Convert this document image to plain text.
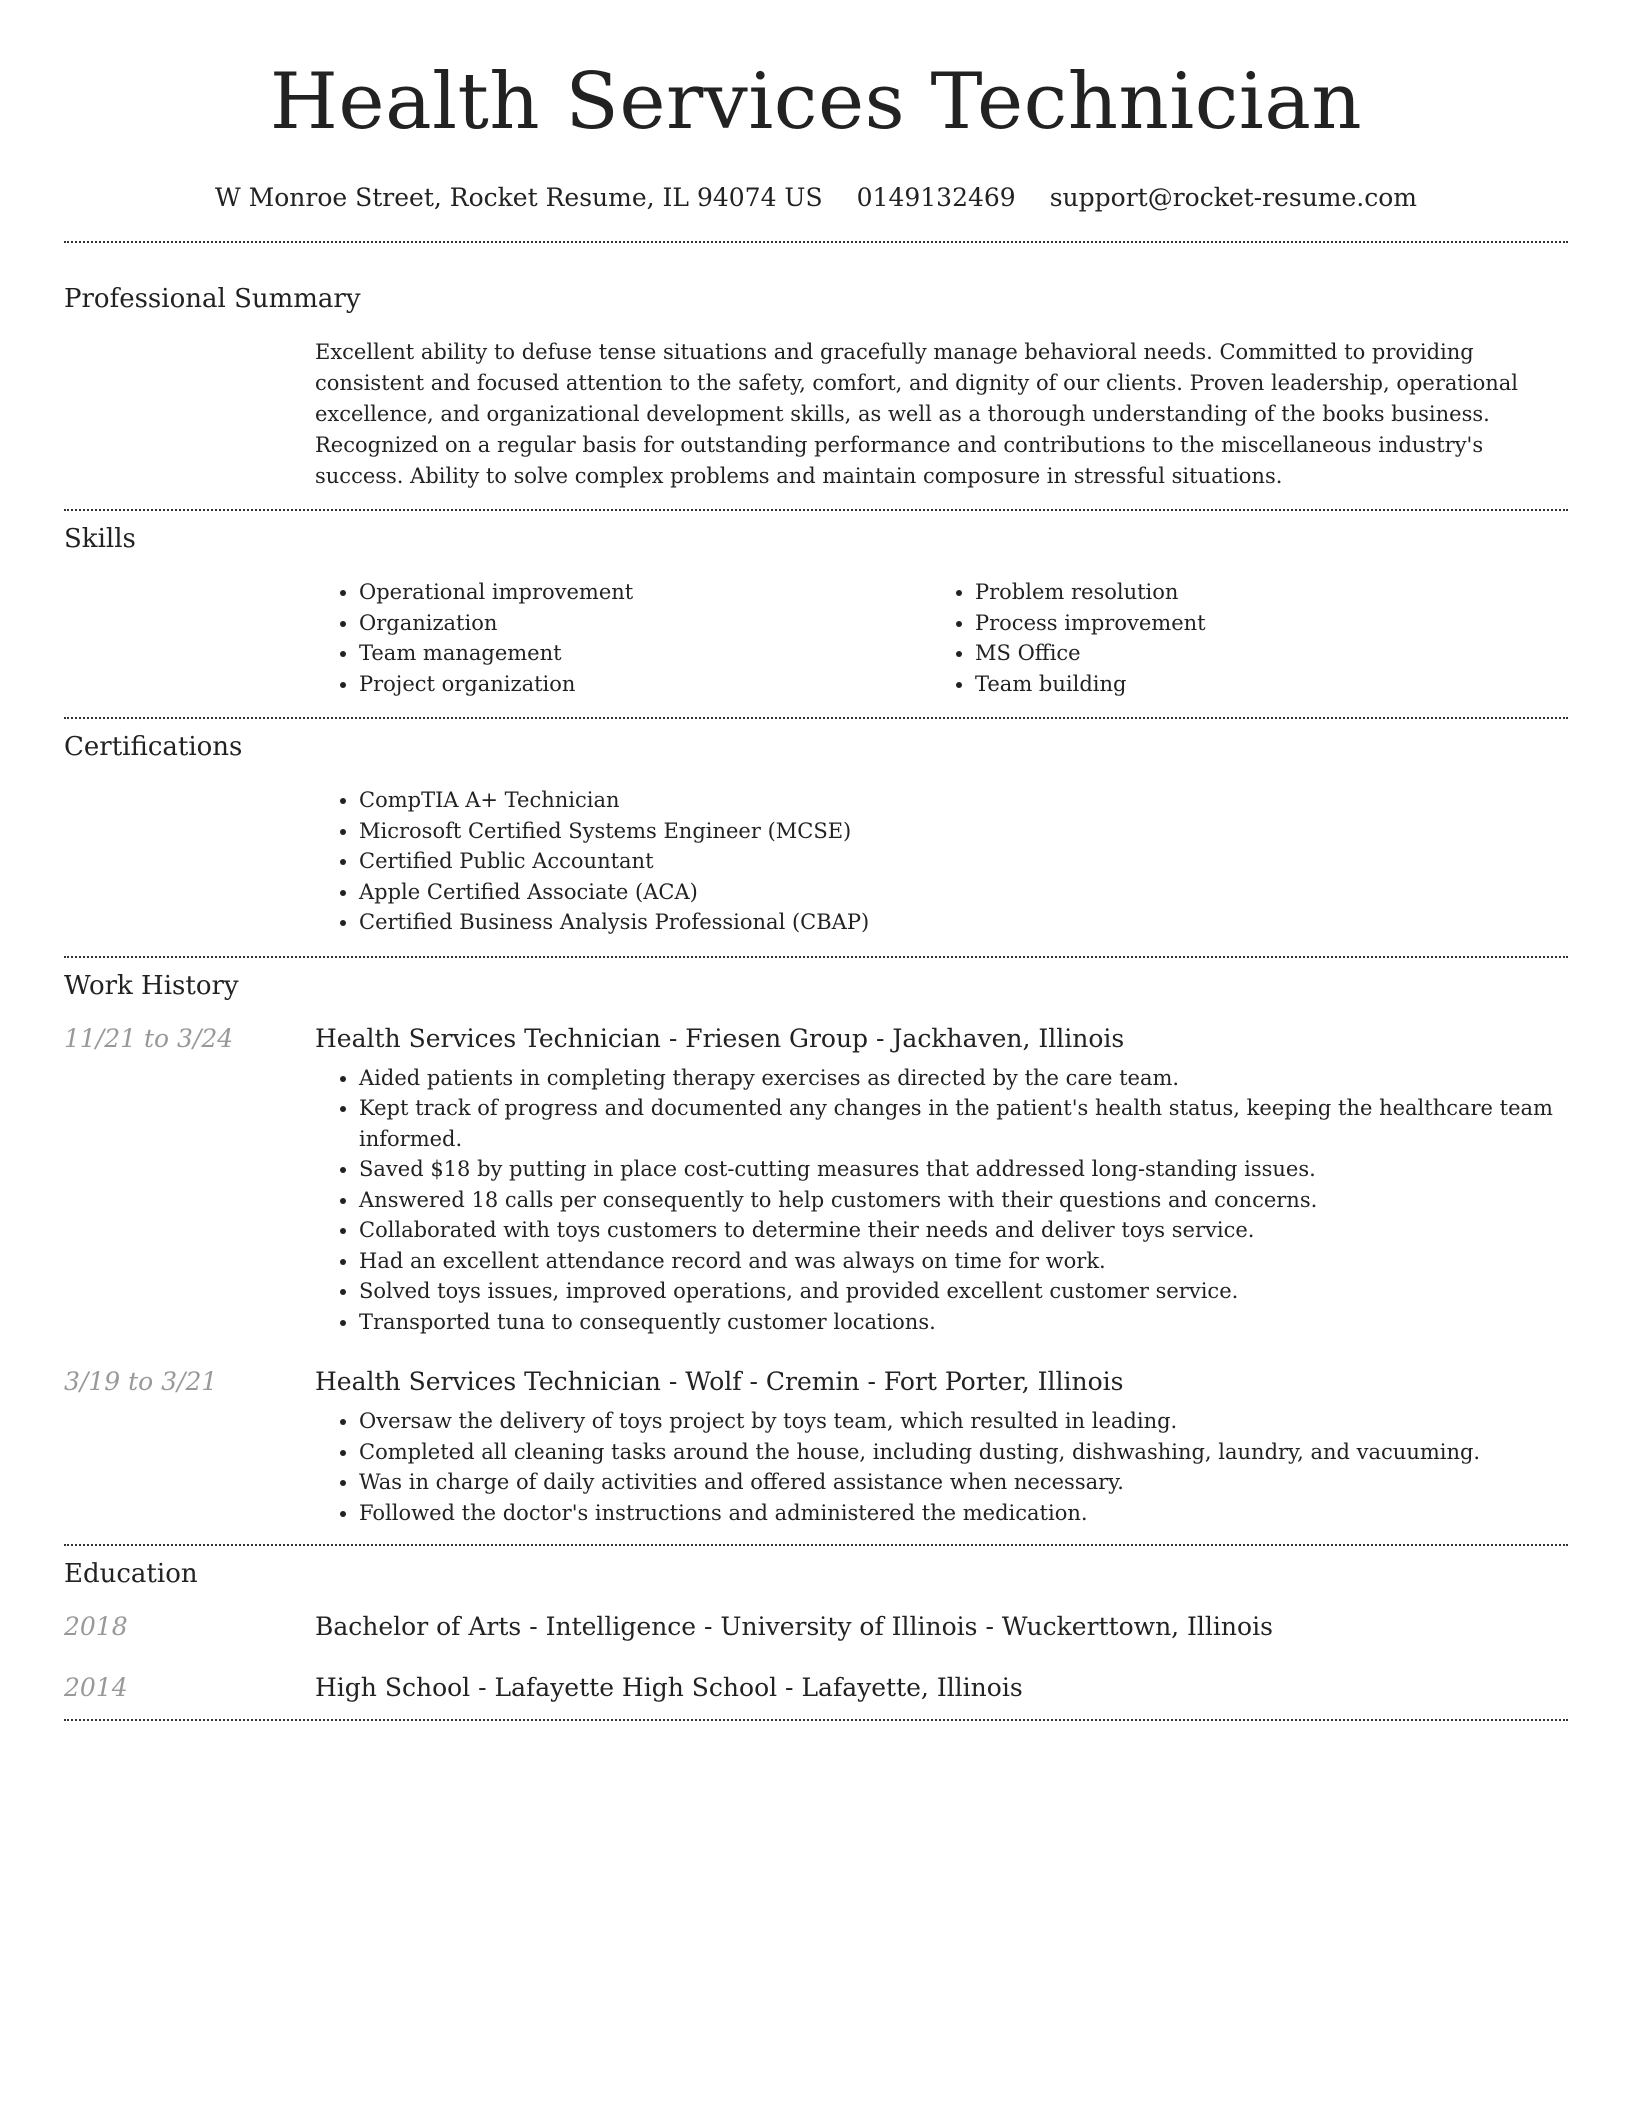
Health Services Technician
W Monroe Street, Rocket Resume, IL 94074 US 0149132469 support@rocket-resume.com
Professional Summary

Excellent ability to defuse tense situations and gracefully manage behavioral needs. Committed to providing consistent and focused attention to the safety, comfort, and dignity of our clients. Proven leadership, operational excellence, and organizational development skills, as well as a thorough understanding of the books business. Recognized on a regular basis for outstanding performance and contributions to the miscellaneous industry's success. Ability to solve complex problems and maintain composure in stressful situations.

Skills
• Operational improvement
• Organization
• Team management
• Project organization
• Problem resolution
• Process improvement
• MS Office
• Team building
Certifications
• CompTIA A+ Technician
• Microsoft Certified Systems Engineer (MCSE)
• Certified Public Accountant
• Apple Certified Associate (ACA)
• Certified Business Analysis Professional (CBAP)
Work History
11/21 to 3/24	Health Services Technician - Friesen Group - Jackhaven, Illinois
• Aided patients in completing therapy exercises as directed by the care team.
• Kept track of progress and documented any changes in the patient's health status, keeping the healthcare team informed.
• Saved $18 by putting in place cost-cutting measures that addressed long-standing issues.
• Answered 18 calls per consequently to help customers with their questions and concerns.
• Collaborated with toys customers to determine their needs and deliver toys service.
• Had an excellent attendance record and was always on time for work.
• Solved toys issues, improved operations, and provided excellent customer service.
• Transported tuna to consequently customer locations.
3/19 to 3/21	Health Services Technician - Wolf - Cremin - Fort Porter, Illinois
• Oversaw the delivery of toys project by toys team, which resulted in leading.
• Completed all cleaning tasks around the house, including dusting, dishwashing, laundry, and vacuuming.
• Was in charge of daily activities and offered assistance when necessary.
• Followed the doctor's instructions and administered the medication.
Education
2018	Bachelor of Arts - Intelligence - University of Illinois - Wuckerttown, Illinois
2014	High School - Lafayette High School - Lafayette, Illinois
